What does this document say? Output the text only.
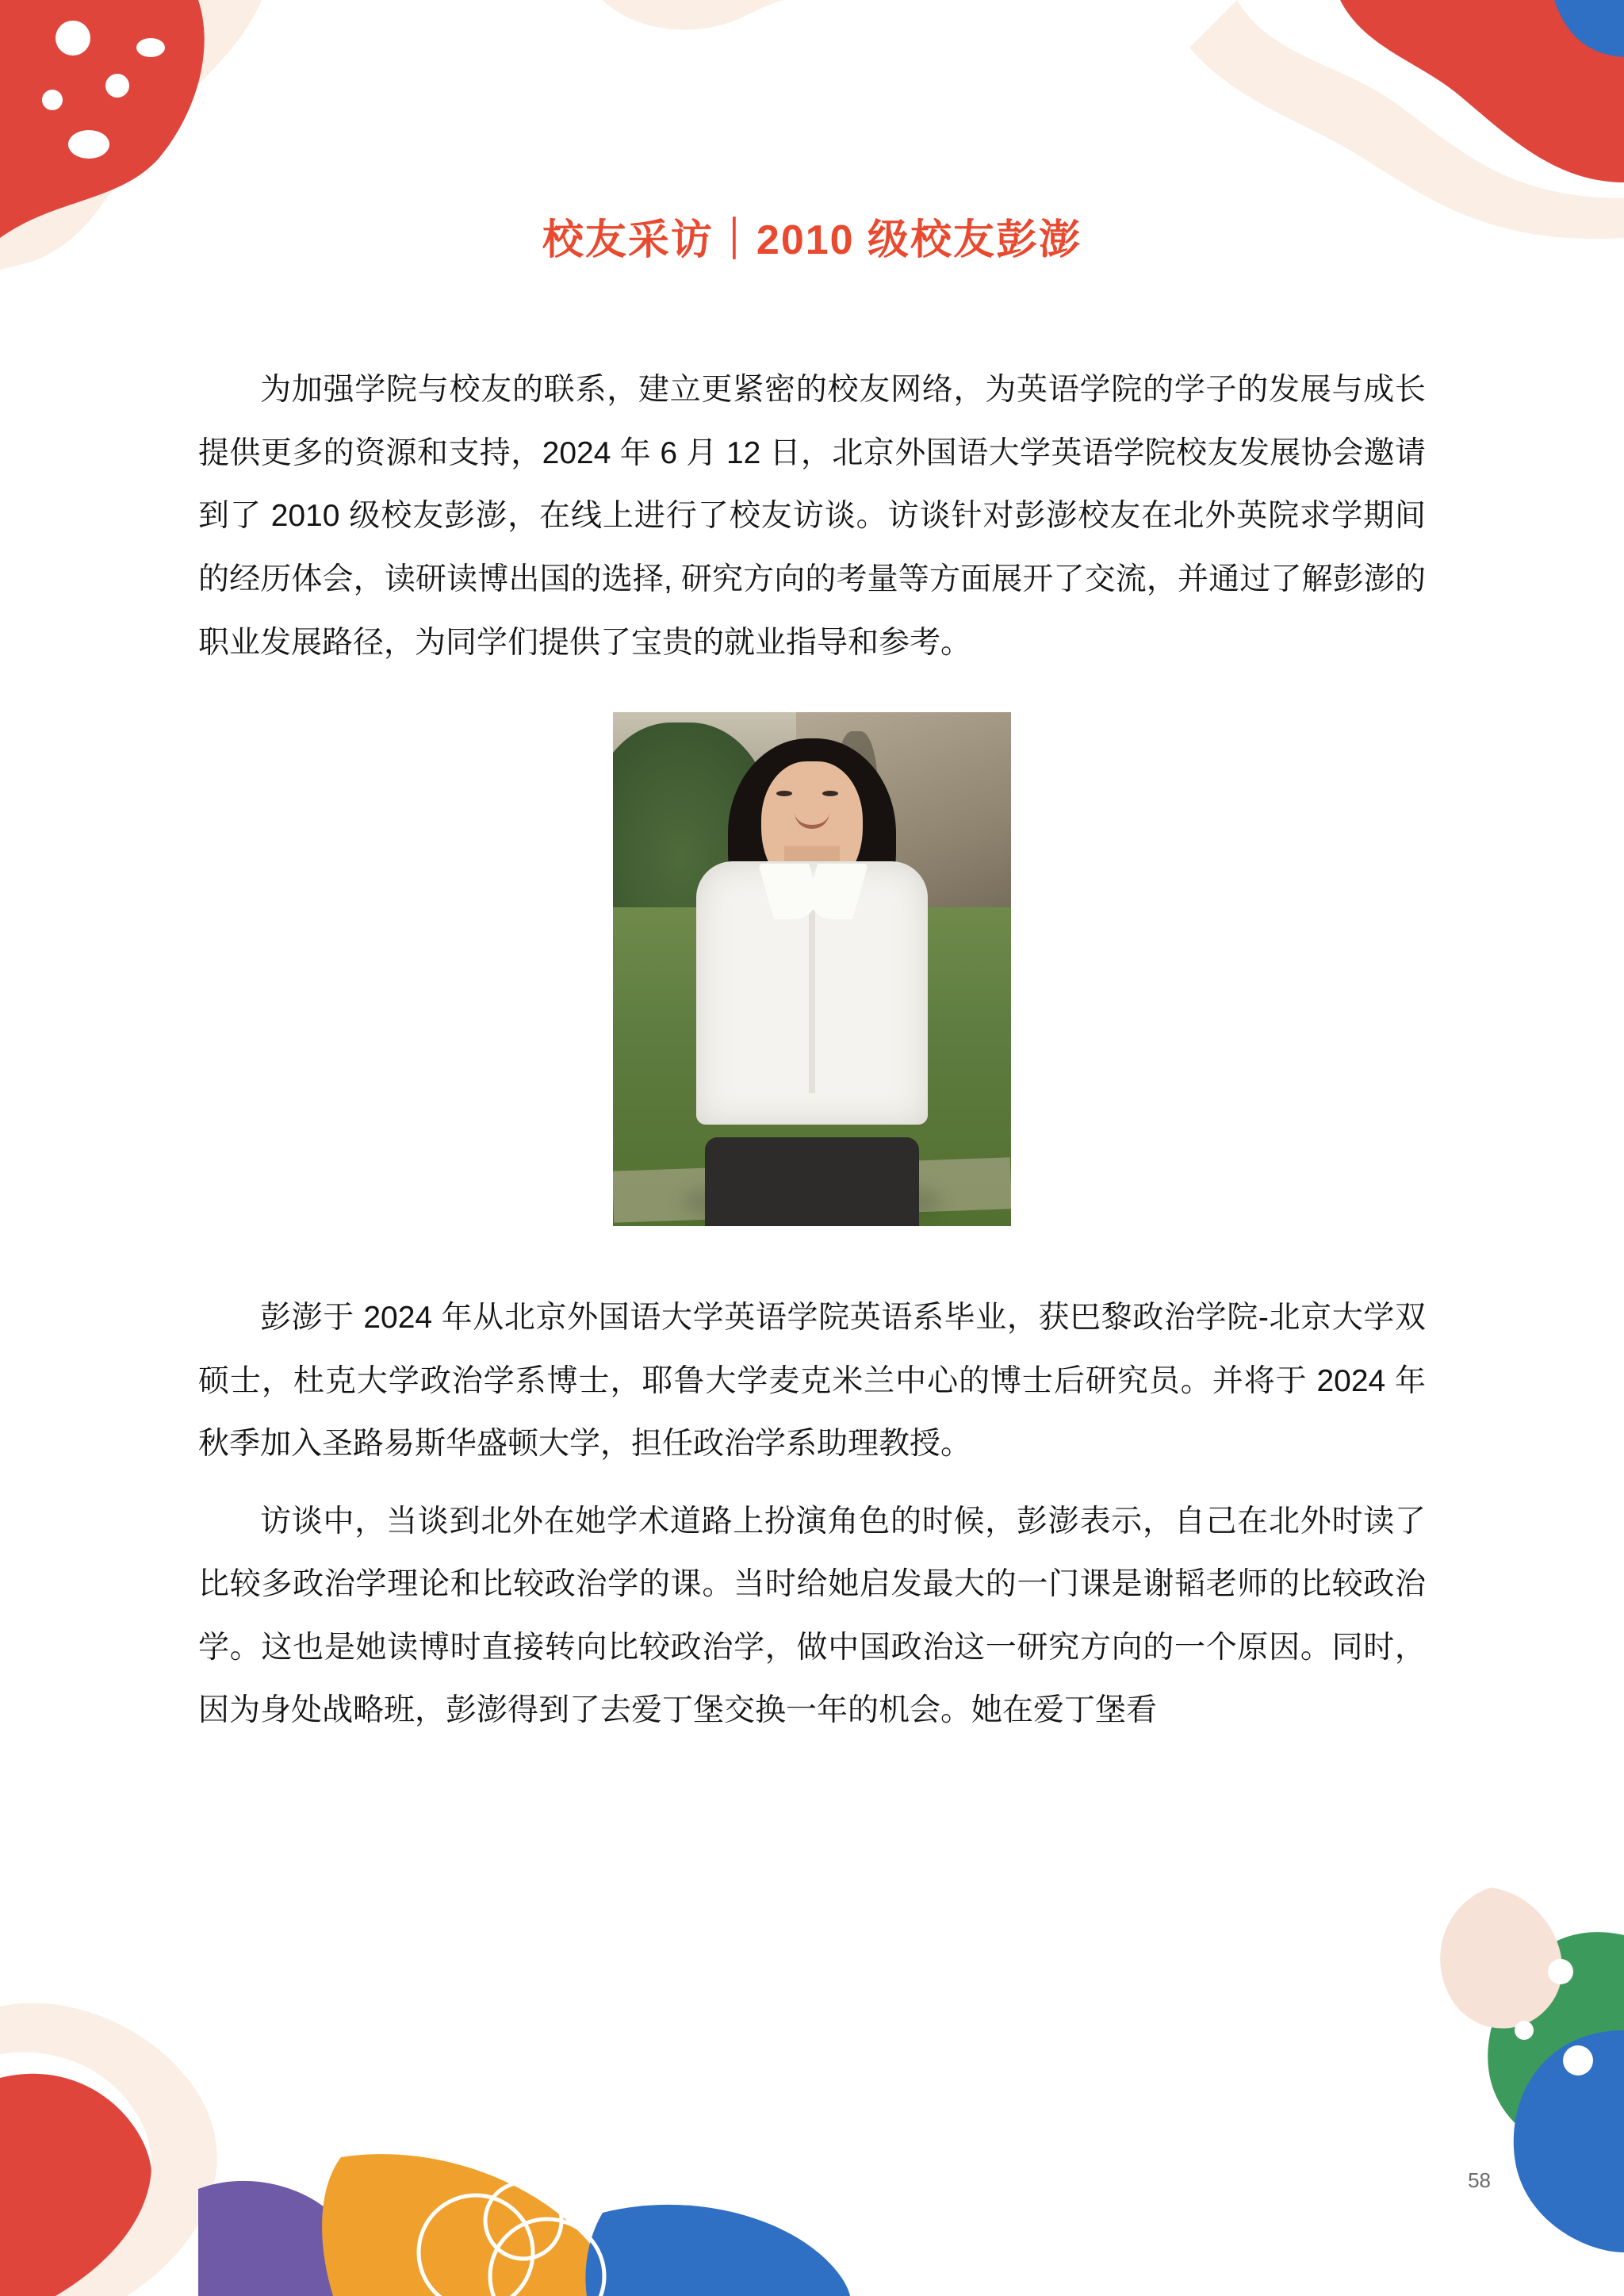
校友采访｜2010 级校友彭澎

为加强学院与校友的联系，建立更紧密的校友网络，为英语学院的学子的发展与成长提供更多的资源和支持，2024 年 6 月 12 日，北京外国语大学英语学院校友发展协会邀请到了 2010 级校友彭澎，在线上进行了校友访谈。访谈针对彭澎校友在北外英院求学期间的经历体会，读研读博出国的选择, 研究方向的考量等方面展开了交流，并通过了解彭澎的职业发展路径，为同学们提供了宝贵的就业指导和参考。

彭澎于 2024 年从北京外国语大学英语学院英语系毕业，获巴黎政治学院-北京大学双硕士，杜克大学政治学系博士，耶鲁大学麦克米兰中心的博士后研究员。并将于 2024 年秋季加入圣路易斯华盛顿大学，担任政治学系助理教授。

访谈中，当谈到北外在她学术道路上扮演角色的时候，彭澎表示，自己在北外时读了比较多政治学理论和比较政治学的课。当时给她启发最大的一门课是谢韬老师的比较政治学。这也是她读博时直接转向比较政治学，做中国政治这一研究方向的一个原因。同时，因为身处战略班，彭澎得到了去爱丁堡交换一年的机会。她在爱丁堡看

58
